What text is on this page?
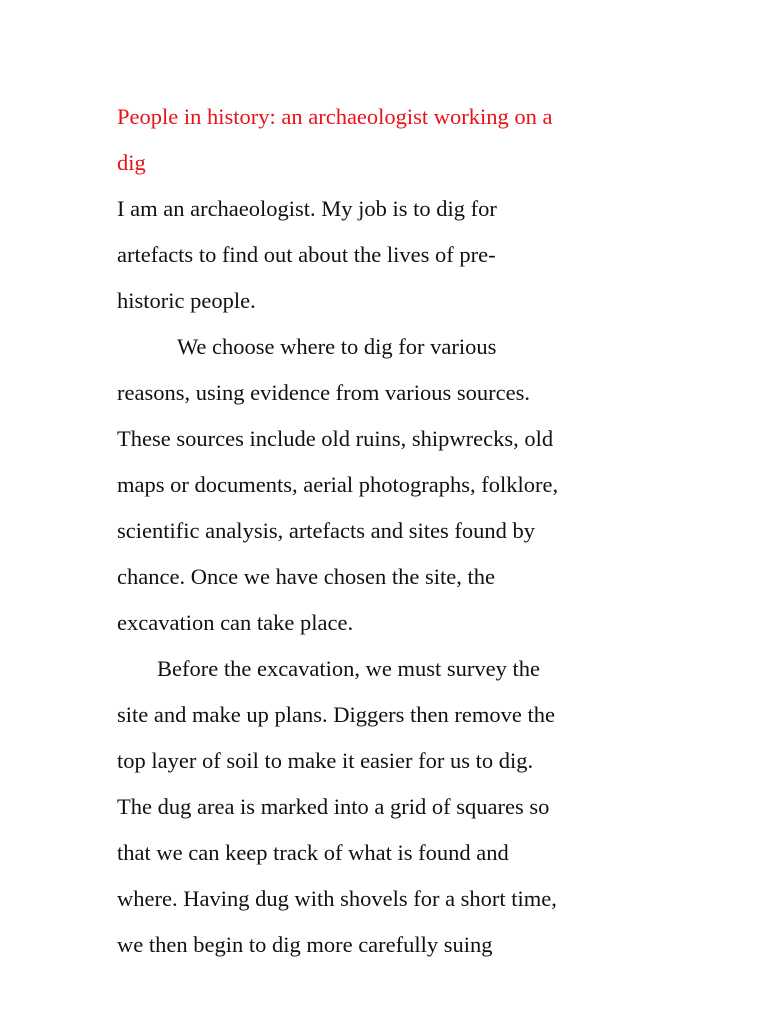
People in history: an archaeologist working on a
dig
I am an archaeologist. My job is to dig for
artefacts to find out about the lives of pre-
historic people.
We choose where to dig for various
reasons, using evidence from various sources.
These sources include old ruins, shipwrecks, old
maps or documents, aerial photographs, folklore,
scientific analysis, artefacts and sites found by
chance. Once we have chosen the site, the
excavation can take place.
Before the excavation, we must survey the
site and make up plans. Diggers then remove the
top layer of soil to make it easier for us to dig.
The dug area is marked into a grid of squares so
that we can keep track of what is found and
where. Having dug with shovels for a short time,
we then begin to dig more carefully suing
